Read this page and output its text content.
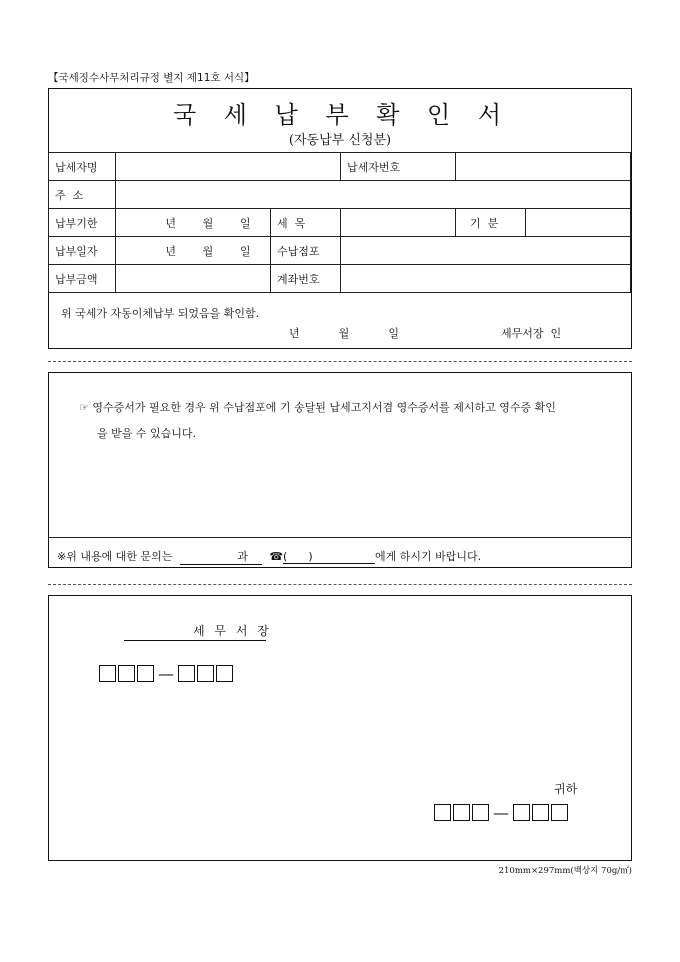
【국세징수사무처리규정 별지 제11호 서식】
국 세 납 부 확 인 서
(자동납부 신청분)
납세자명			납세자번호		
주  소					
납부기한	년 월 일	세  목		기  분	
납부일자	년 월 일	수납점포			
납부금액		계좌번호			
위 국세가 자동이체납부 되었음을 확인함.
년	월	일	세무서장  인
☞ 영수증서가 필요한 경우 위 수납점포에 기 송달된 납세고지서겸 영수증서를 제시하고 영수증 확인
을 받을 수 있습니다.
※위 내용에 대한 문의는	과 ☎(      )	에게 하시기 바랍니다.
세 무 서 장
—
귀하
—
210mm×297mm(백상지 70g/㎡)
